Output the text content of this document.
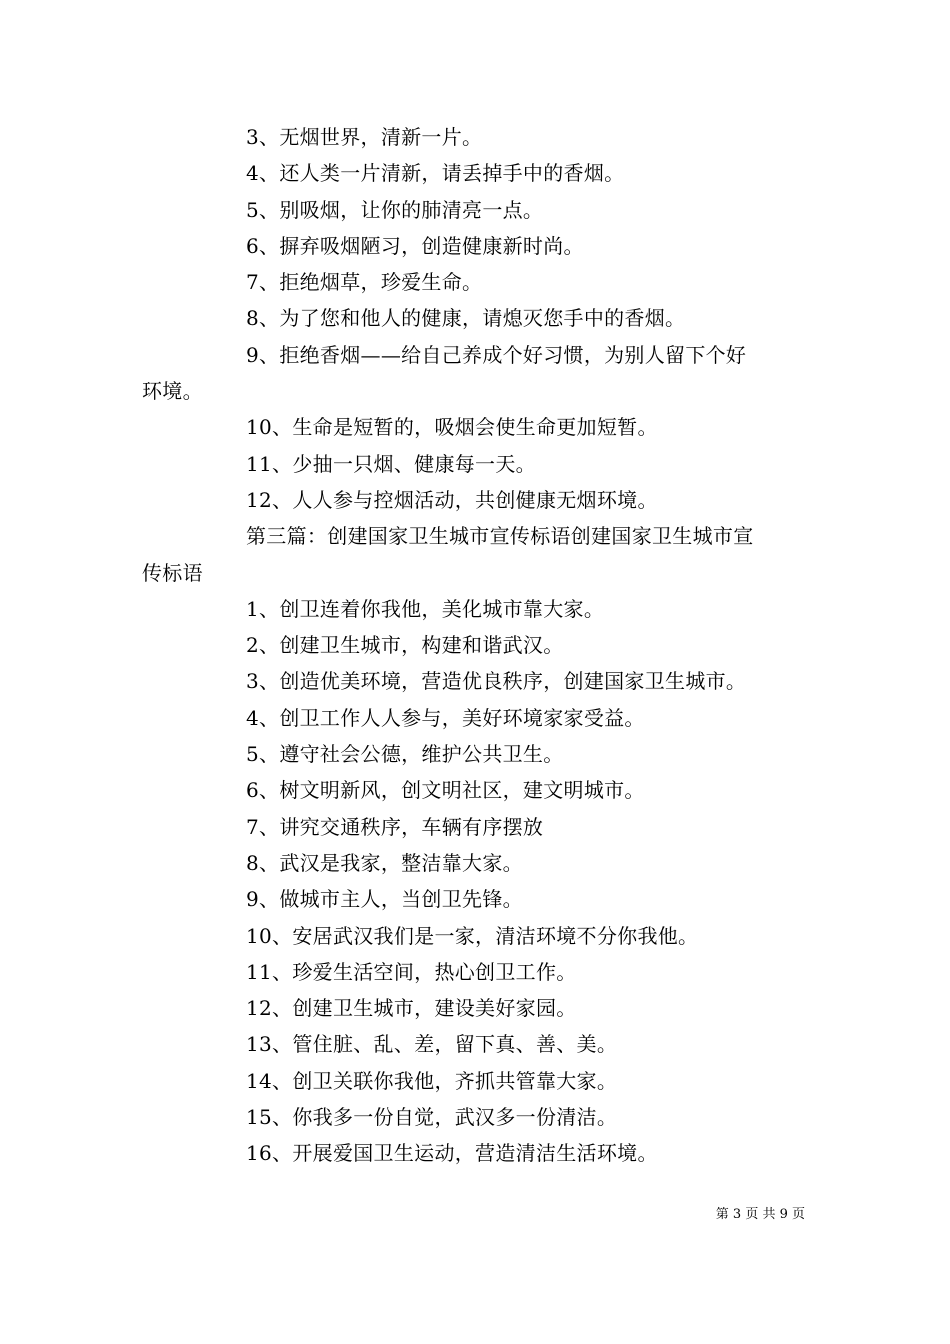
3、无烟世界，清新一片。
4、还人类一片清新，请丢掉手中的香烟。
5、别吸烟，让你的肺清亮一点。
6、摒弃吸烟陋习，创造健康新时尚。
7、拒绝烟草，珍爱生命。
8、为了您和他人的健康，请熄灭您手中的香烟。
9、拒绝香烟——给自己养成个好习惯，为别人留下个好
环境。
10、生命是短暂的，吸烟会使生命更加短暂。
11、少抽一只烟、健康每一天。
12、人人参与控烟活动，共创健康无烟环境。
第三篇：创建国家卫生城市宣传标语创建国家卫生城市宣
传标语
1、创卫连着你我他，美化城市靠大家。
2、创建卫生城市，构建和谐武汉。
3、创造优美环境，营造优良秩序，创建国家卫生城市。
4、创卫工作人人参与，美好环境家家受益。
5、遵守社会公德，维护公共卫生。
6、树文明新风，创文明社区，建文明城市。
7、讲究交通秩序，车辆有序摆放
8、武汉是我家，整洁靠大家。
9、做城市主人，当创卫先锋。
10、安居武汉我们是一家，清洁环境不分你我他。
11、珍爱生活空间，热心创卫工作。
12、创建卫生城市，建设美好家园。
13、管住脏、乱、差，留下真、善、美。
14、创卫关联你我他，齐抓共管靠大家。
15、你我多一份自觉，武汉多一份清洁。
16、开展爱国卫生运动，营造清洁生活环境。
第 3 页 共 9 页
